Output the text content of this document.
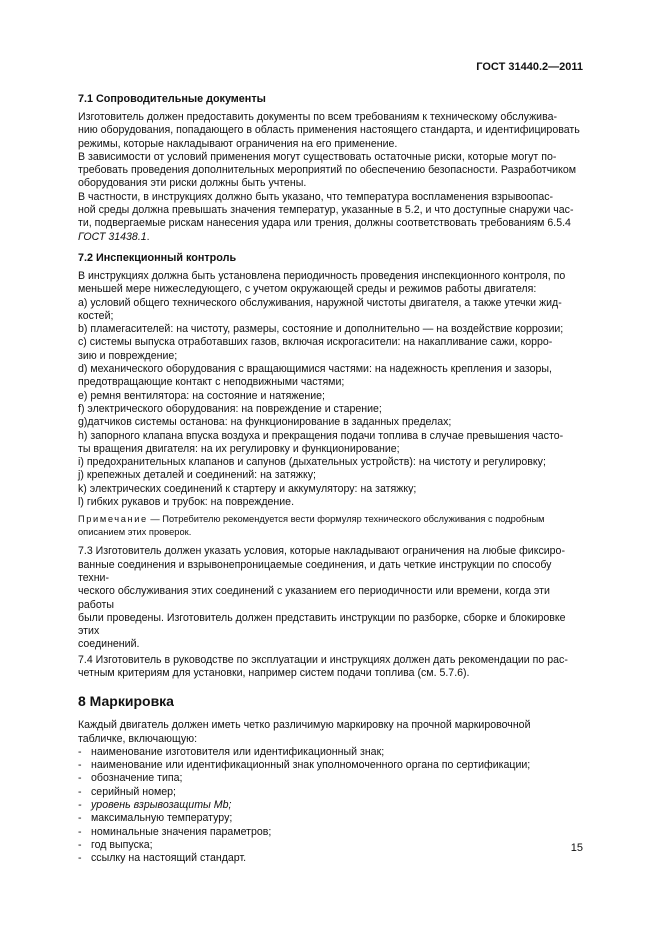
ГОСТ 31440.2—2011
7.1 Сопроводительные документы
Изготовитель должен предоставить документы по всем требованиям к техническому обслужива-
нию оборудования, попадающего в область применения настоящего стандарта, и идентифицировать
режимы, которые накладывают ограничения на его применение.
В зависимости от условий применения могут существовать остаточные риски, которые могут по-
требовать проведения дополнительных мероприятий по обеспечению безопасности. Разработчиком
оборудования эти риски должны быть учтены.
В частности, в инструкциях должно быть указано, что температура воспламенения взрывоопас-
ной среды должна превышать значения температур, указанные в 5.2, и что доступные снаружи час-
ти, подвергаемые рискам нанесения удара или трения, должны соответствовать требованиям 6.5.4
ГОСТ 31438.1.
7.2 Инспекционный контроль
В инструкциях должна быть установлена периодичность проведения инспекционного контроля, по
меньшей мере нижеследующего, с учетом окружающей среды и режимов работы двигателя:
а) условий общего технического обслуживания, наружной чистоты двигателя, а также утечки жид-
костей;
b) пламегасителей: на чистоту, размеры, состояние и дополнительно — на воздействие коррозии;
с) системы выпуска отработавших газов, включая искрогасители: на накапливание сажи, корро-
зию и повреждение;
d) механического оборудования с вращающимися частями: на надежность крепления и зазоры,
предотвращающие контакт с неподвижными частями;
е) ремня вентилятора: на состояние и натяжение;
f) электрического оборудования: на повреждение и старение;
g)датчиков системы останова: на функционирование в заданных пределах;
h) запорного клапана впуска воздуха и прекращения подачи топлива в случае превышения часто-
ты вращения двигателя: на их регулировку и функционирование;
i) предохранительных клапанов и сапунов (дыхательных устройств): на чистоту и регулировку;
j) крепежных деталей и соединений: на затяжку;
k) электрических соединений к стартеру и аккумулятору: на затяжку;
l) гибких рукавов и трубок: на повреждение.
Примечание — Потребителю рекомендуется вести формуляр технического обслуживания с подробным
описанием этих проверок.
7.3 Изготовитель должен указать условия, которые накладывают ограничения на любые фиксиро-
ванные соединения и взрывонепроницаемые соединения, и дать четкие инструкции по способу техни-
ческого обслуживания этих соединений с указанием его периодичности или времени, когда эти работы
были проведены. Изготовитель должен представить инструкции по разборке, сборке и блокировке этих
соединений.
7.4 Изготовитель в руководстве по эксплуатации и инструкциях должен дать рекомендации по рас-
четным критериям для установки, например систем подачи топлива (см. 5.7.6).
8 Маркировка
Каждый двигатель должен иметь четко различимую маркировку на прочной маркировочной
табличке, включающую:
- наименование изготовителя или идентификационный знак;
- наименование или идентификационный знак уполномоченного органа по сертификации;
- обозначение типа;
- серийный номер;
- уровень взрывозащиты Mb;
- максимальную температуру;
- номинальные значения параметров;
- год выпуска;
- ссылку на настоящий стандарт.
15
